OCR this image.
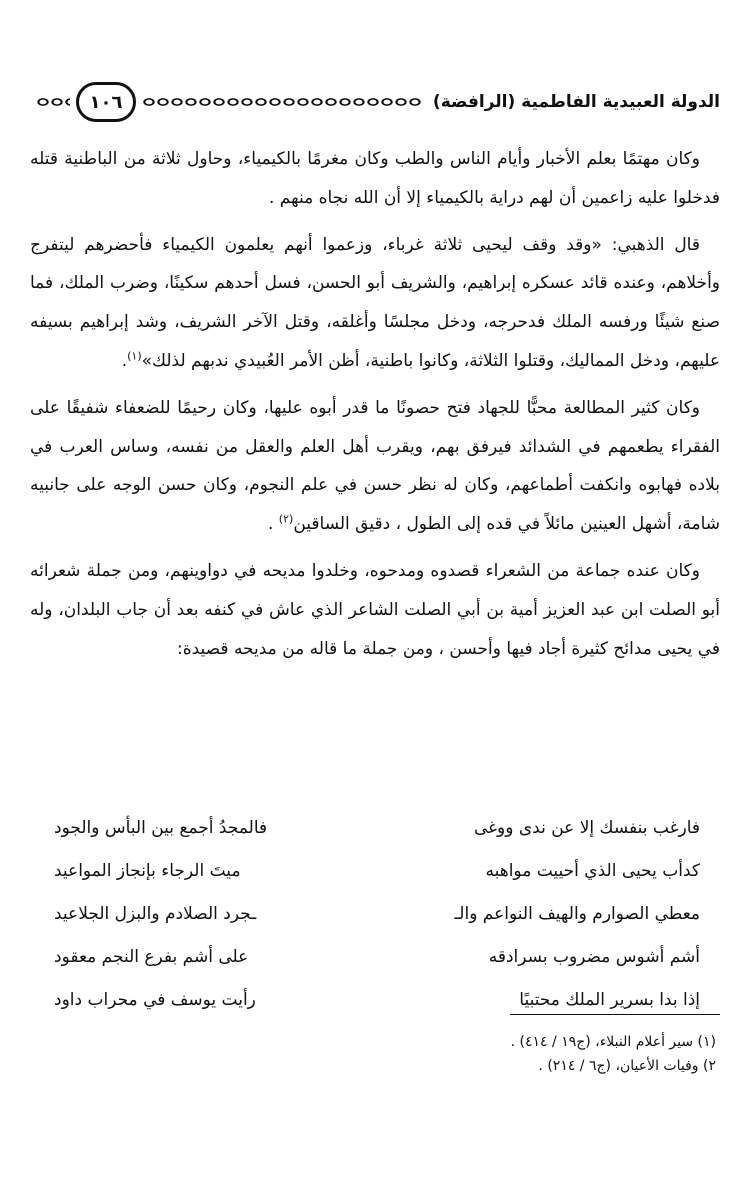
الدولة العبيدية الفاطمية (الرافضة)
١٠٦

وكان مهتمًا بعلم الأخبار وأيام الناس والطب وكان مغرمًا بالكيمياء، وحاول ثلاثة من الباطنية قتله فدخلوا عليه زاعمين أن لهم دراية بالكيمياء إلا أن الله نجاه منهم .

قال الذهبي: «وقد وقف ليحيى ثلاثة غرباء، وزعموا أنهم يعلمون الكيمياء فأحضرهم ليتفرج وأخلاهم، وعنده قائد عسكره إبراهيم، والشريف أبو الحسن، فسل أحدهم سكينًا، وضرب الملك، فما صنع شيئًا ورفسه الملك فدحرجه، ودخل مجلسًا وأغلقه، وقتل الآخر الشريف، وشد إبراهيم بسيفه عليهم، ودخل المماليك، وقتلوا الثلاثة، وكانوا باطنية، أظن الأمر العُبيدي ندبهم لذلك»$^{(١)}$.

وكان كثير المطالعة محبًّا للجهاد فتح حصونًا ما قدر أبوه عليها، وكان رحيمًا للضعفاء شفيقًا على الفقراء يطعمهم في الشدائد فيرفق بهم، ويقرب أهل العلم والعقل من نفسه، وساس العرب في بلاده فهابوه وانكفت أطماعهم، وكان له نظر حسن في علم النجوم، وكان حسن الوجه على جانبيه شامة، أشهل العينين مائلاً في قده إلى الطول ، دقيق الساقين$^{(٢)}$ .

وكان عنده جماعة من الشعراء قصدوه ومدحوه، وخلدوا مديحه في دواوينهم، ومن جملة شعرائه أبو الصلت ابن عبد العزيز أمية بن أبي الصلت الشاعر الذي عاش في كنفه بعد أن جاب البلدان، وله في يحيى مدائح كثيرة أجاد فيها وأحسن ، ومن جملة ما قاله من مديحه قصيدة:

فارغب بنفسك إلا عن ندى ووغى
فالمجدُ أجمع بين البأس والجود
كدأب يحيى الذي أحييت مواهبه
ميتَ الرجاء بإنجاز المواعيد
معطي الصوارم والهيف النواعم والـ
ـجرد الصلادم والبزل الجلاعيد
أشم أشوس مضروب بسرادقه
على أشم بفرع النجم معقود
إذا بدا بسرير الملك محتبيًا
رأيت يوسف في محراب داود
(١) سير أعلام النبلاء، (ج١٩ / ٤١٤) .
٢) وفيات الأعيان، (ج٦ / ٢١٤) .
